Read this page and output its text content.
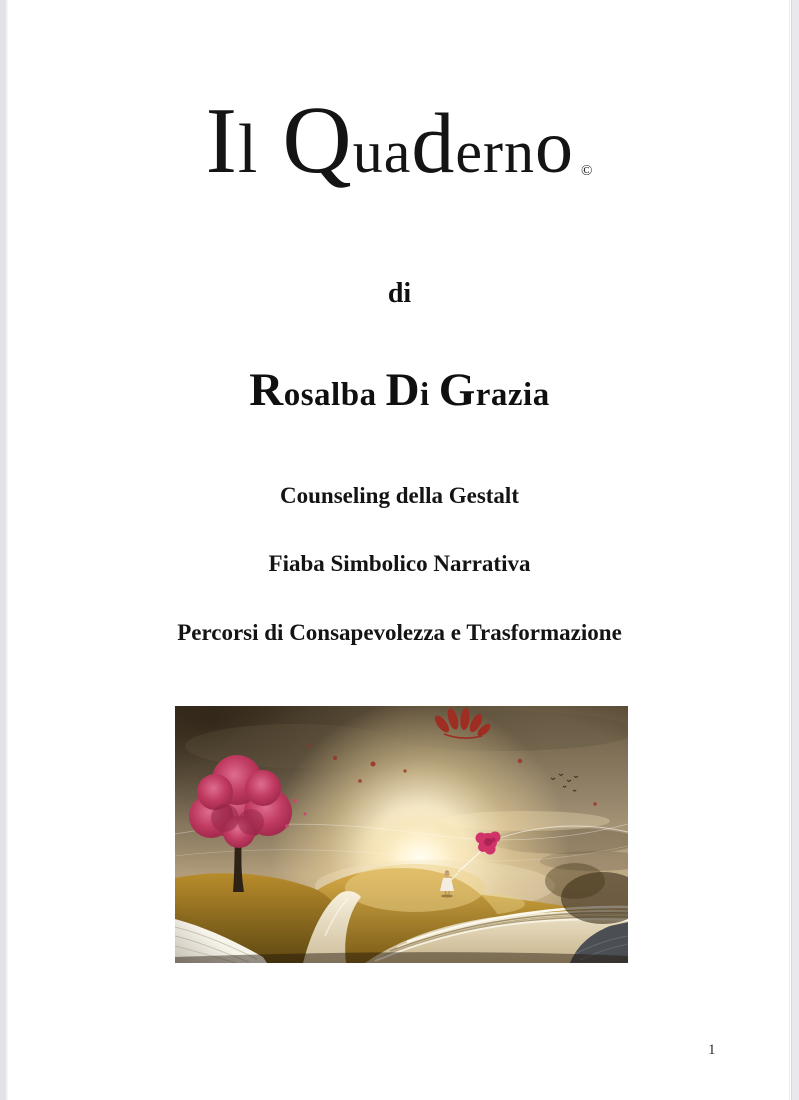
Il Quaderno ©
di
Rosalba Di Grazia
Counseling della Gestalt
Fiaba Simbolico Narrativa
Percorsi di Consapevolezza e Trasformazione
1
